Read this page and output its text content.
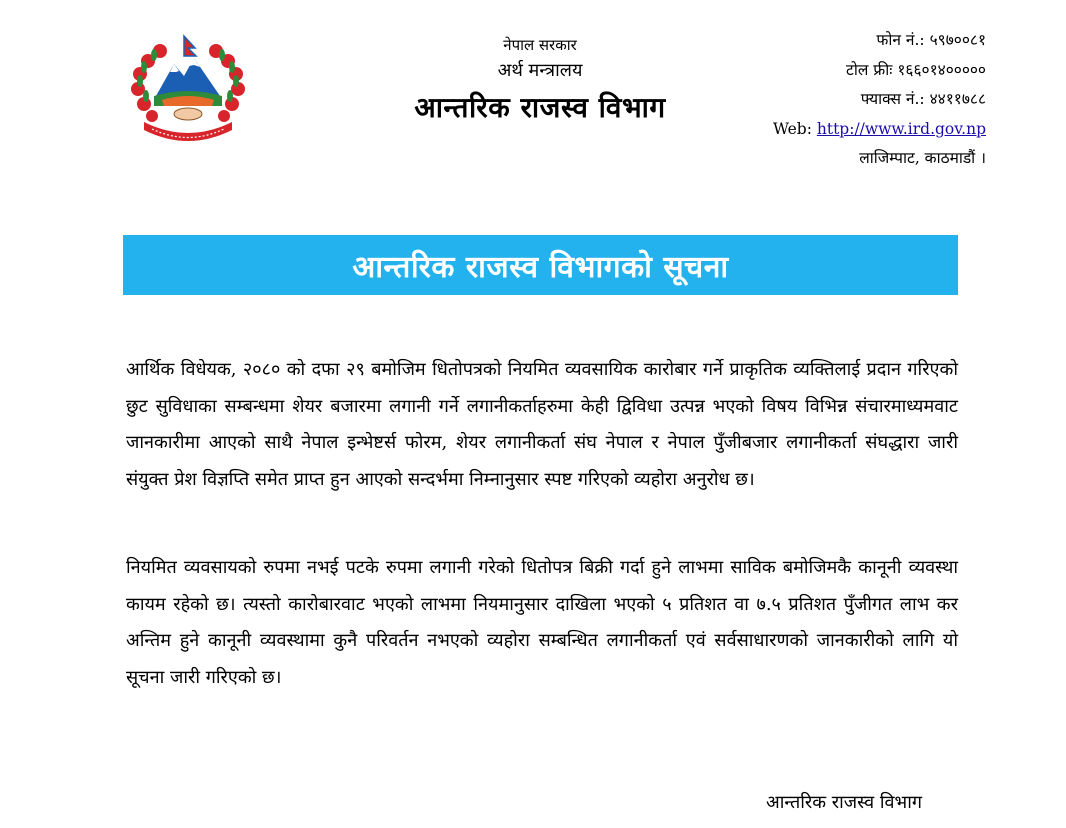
नेपाल सरकार
अर्थ मन्त्रालय
आन्तरिक राजस्व विभाग
फोन नं.: ५९७००८१
टोल फ्रीः १६६०१४०००००
फ्याक्स नं.: ४४११७८८
Web: http://www.ird.gov.np
लाजिम्पाट, काठमाडौं ।
आन्तरिक राजस्व विभागको सूचना
आर्थिक विधेयक, २०८० को दफा २९ बमोजिम धितोपत्रको नियमित व्यवसायिक कारोबार गर्ने प्राकृतिक व्यक्तिलाई प्रदान गरिएको छुट सुविधाका सम्बन्धमा शेयर बजारमा लगानी गर्ने लगानीकर्ताहरुमा केही द्विविधा उत्पन्न भएको विषय विभिन्न संचारमाध्यमवाट जानकारीमा आएको साथै नेपाल इन्भेष्टर्स फोरम, शेयर लगानीकर्ता संघ नेपाल र नेपाल पुँजीबजार लगानीकर्ता संघद्धारा जारी संयुक्त प्रेश विज्ञप्ति समेत प्राप्त हुन आएको सन्दर्भमा निम्नानुसार स्पष्ट गरिएको व्यहोरा अनुरोध छ।
नियमित व्यवसायको रुपमा नभई पटके रुपमा लगानी गरेको धितोपत्र बिक्री गर्दा हुने लाभमा साविक बमोजिमकै कानूनी व्यवस्था कायम रहेको छ। त्यस्तो कारोबारवाट भएको लाभमा नियमानुसार दाखिला भएको ५ प्रतिशत वा ७.५ प्रतिशत पुँजीगत लाभ कर अन्तिम हुने कानूनी व्यवस्थामा कुनै परिवर्तन नभएको व्यहोरा सम्बन्धित लगानीकर्ता एवं सर्वसाधारणको जानकारीको लागि यो सूचना जारी गरिएको छ।
आन्तरिक राजस्व विभाग
